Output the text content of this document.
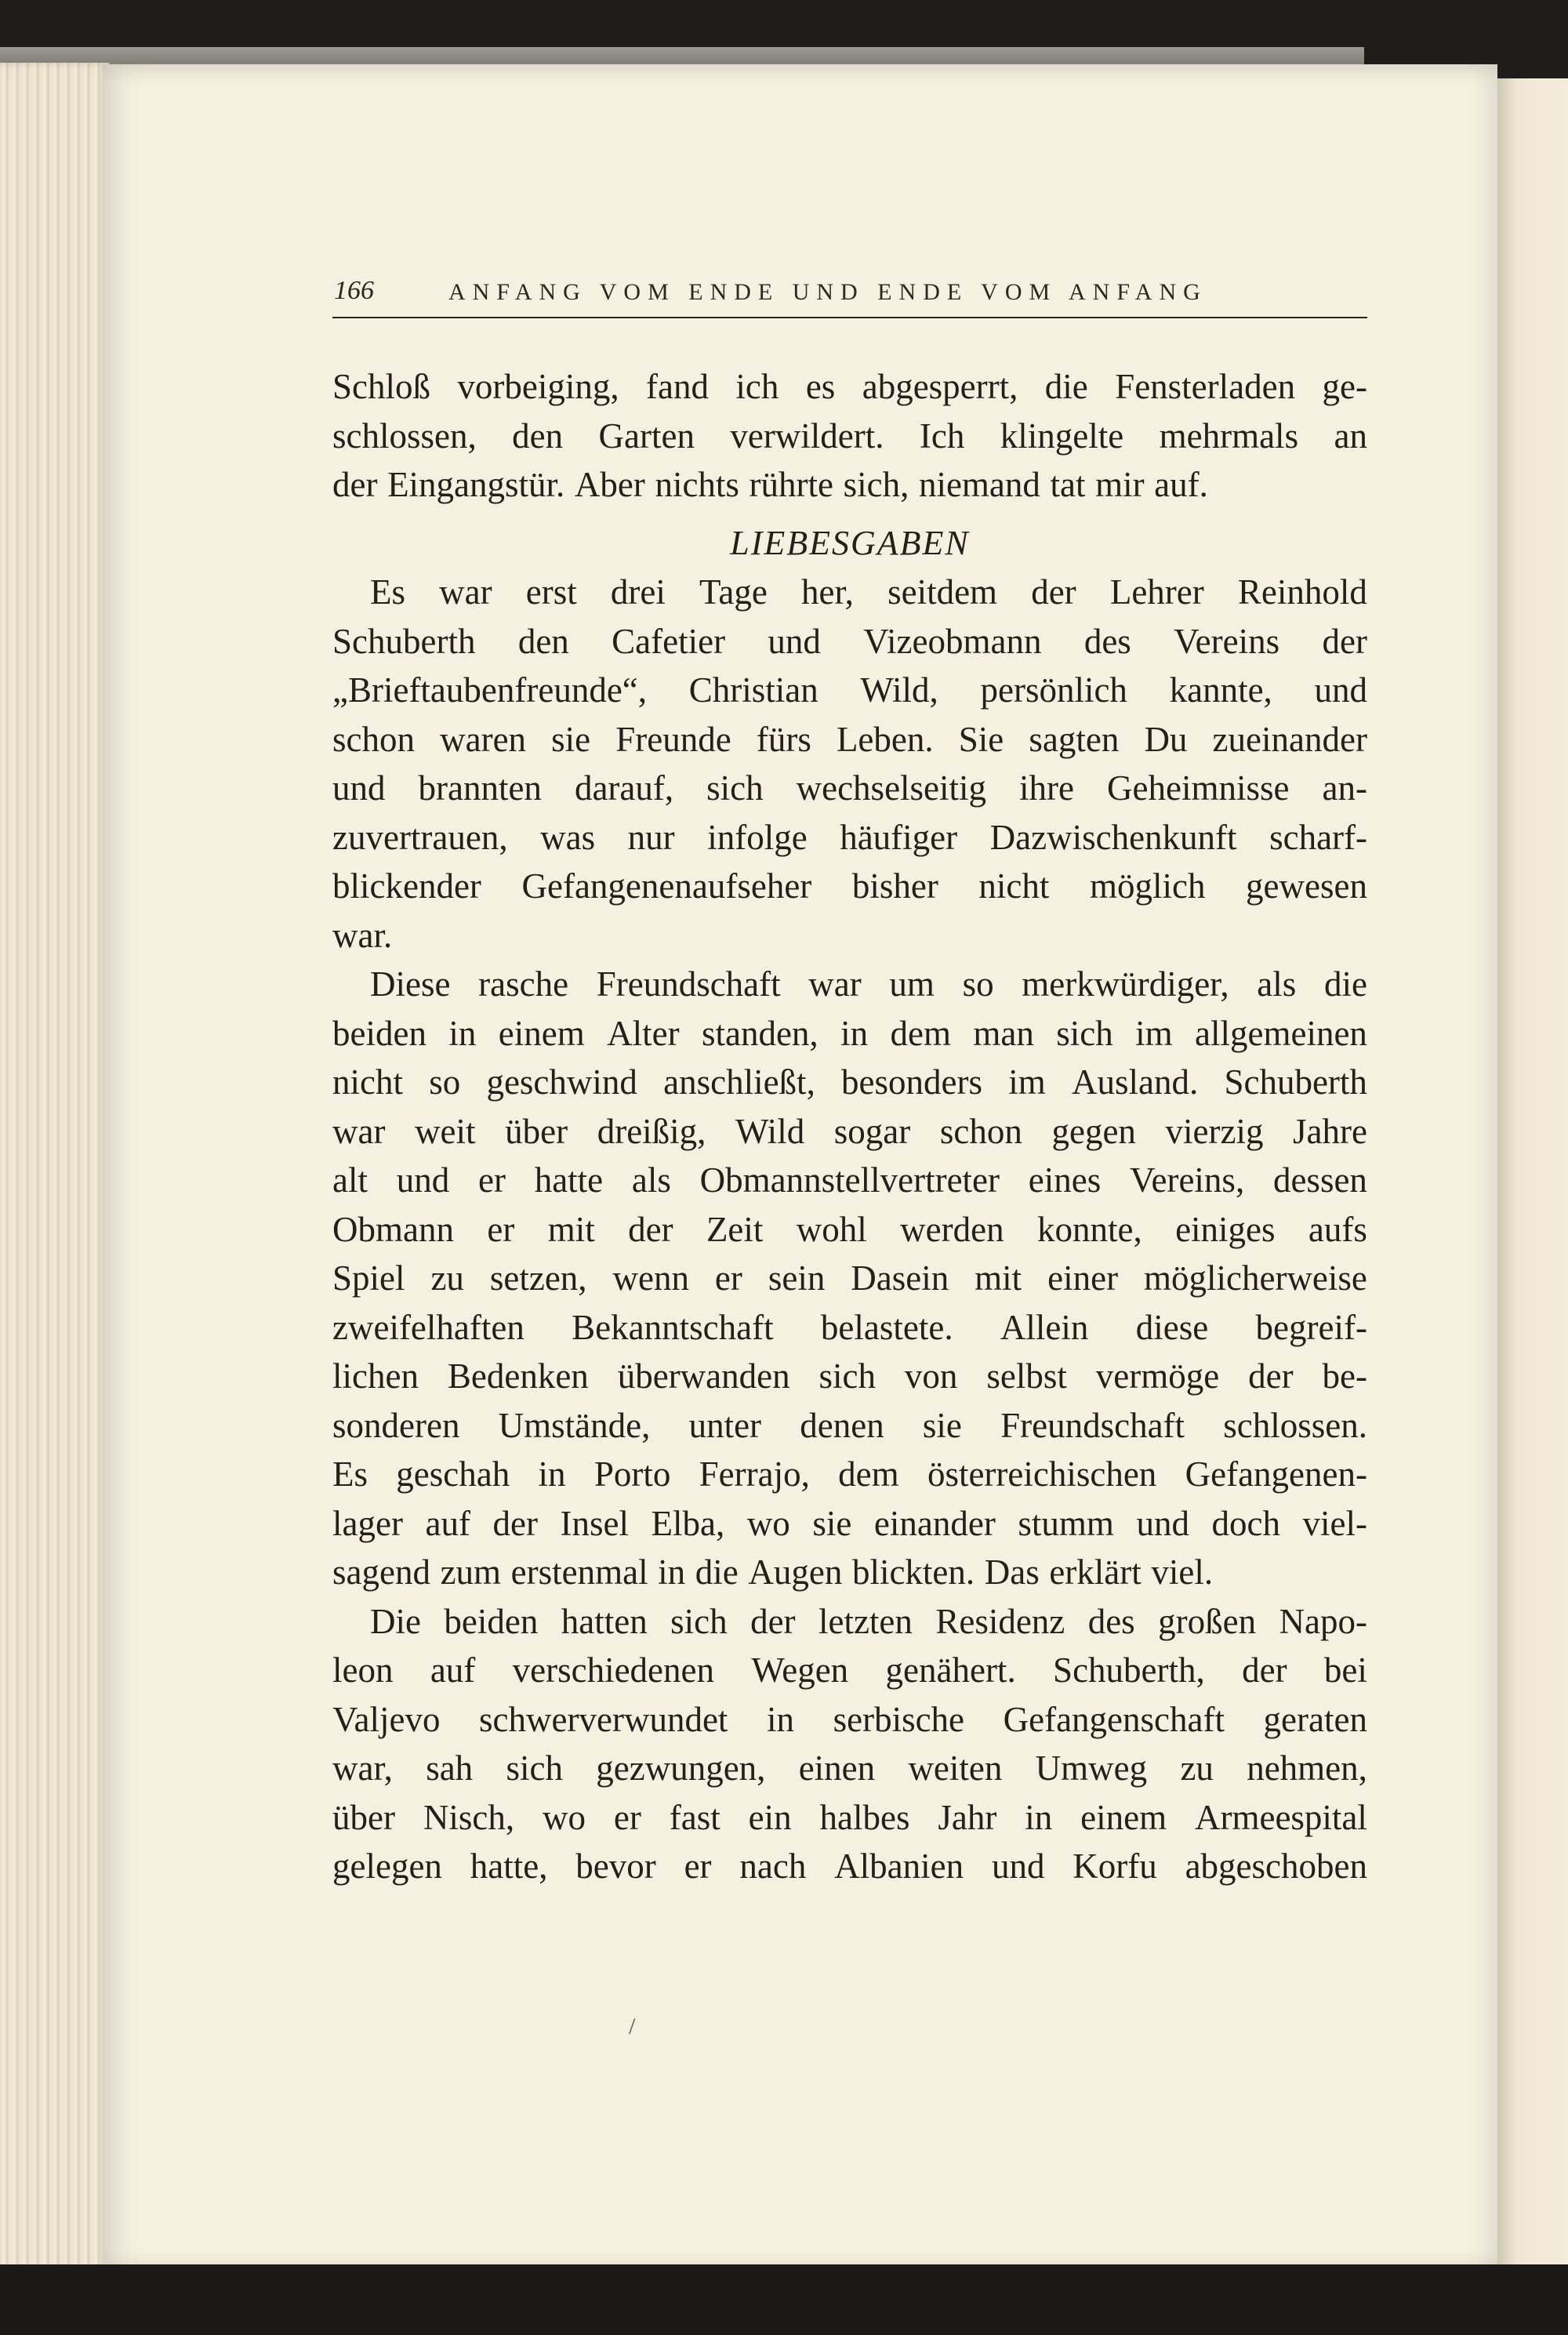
166	ANFANG VOM ENDE UND ENDE VOM ANFANG
Schloß vorbeiging, fand ich es abgesperrt, die Fensterladen ge-
schlossen, den Garten verwildert. Ich klingelte mehrmals an
der Eingangstür. Aber nichts rührte sich, niemand tat mir auf.
LIEBESGABEN
Es war erst drei Tage her, seitdem der Lehrer Reinhold
Schuberth den Cafetier und Vizeobmann des Vereins der
„Brieftaubenfreunde“, Christian Wild, persönlich kannte, und
schon waren sie Freunde fürs Leben. Sie sagten Du zueinander
und brannten darauf, sich wechselseitig ihre Geheimnisse an-
zuvertrauen, was nur infolge häufiger Dazwischenkunft scharf-
blickender Gefangenenaufseher bisher nicht möglich gewesen
war.
Diese rasche Freundschaft war um so merkwürdiger, als die
beiden in einem Alter standen, in dem man sich im allgemeinen
nicht so geschwind anschließt, besonders im Ausland. Schuberth
war weit über dreißig, Wild sogar schon gegen vierzig Jahre
alt und er hatte als Obmannstellvertreter eines Vereins, dessen
Obmann er mit der Zeit wohl werden konnte, einiges aufs
Spiel zu setzen, wenn er sein Dasein mit einer möglicherweise
zweifelhaften Bekanntschaft belastete. Allein diese begreif-
lichen Bedenken überwanden sich von selbst vermöge der be-
sonderen Umstände, unter denen sie Freundschaft schlossen.
Es geschah in Porto Ferrajo, dem österreichischen Gefangenen-
lager auf der Insel Elba, wo sie einander stumm und doch viel-
sagend zum erstenmal in die Augen blickten. Das erklärt viel.
Die beiden hatten sich der letzten Residenz des großen Napo-
leon auf verschiedenen Wegen genähert. Schuberth, der bei
Valjevo schwerverwundet in serbische Gefangenschaft geraten
war, sah sich gezwungen, einen weiten Umweg zu nehmen,
über Nisch, wo er fast ein halbes Jahr in einem Armeespital
gelegen hatte, bevor er nach Albanien und Korfu abgeschoben
/
